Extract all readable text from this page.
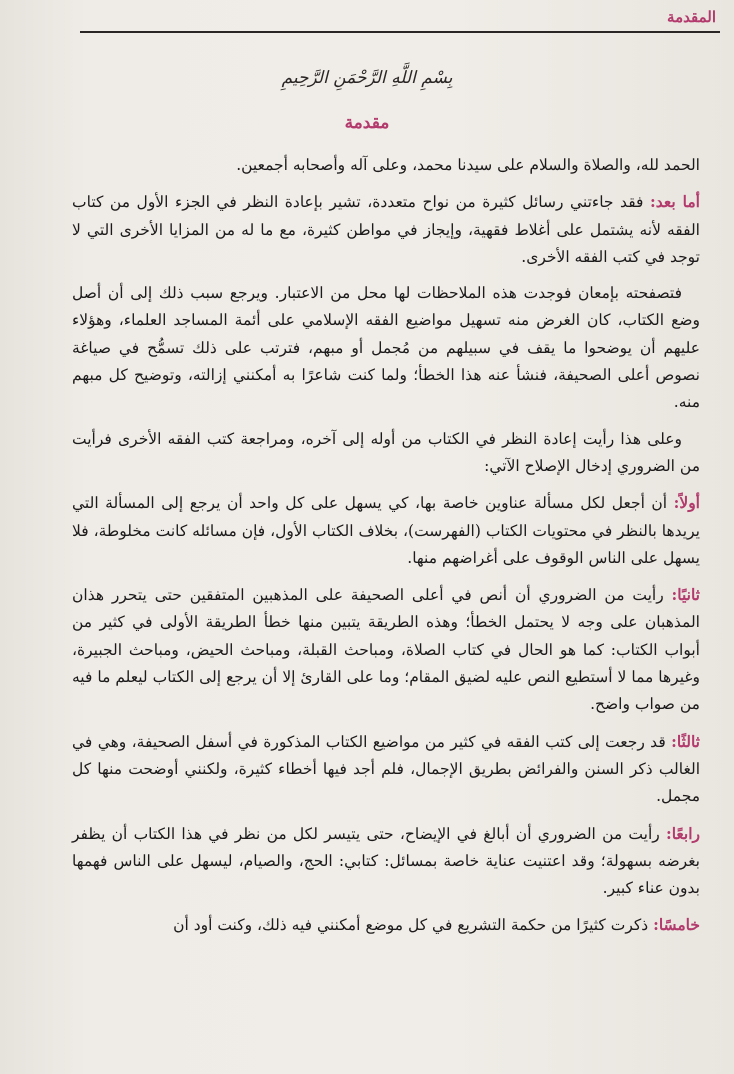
المقدمة
بِسْمِ اللَّهِ الرَّحْمَنِ الرَّحِيمِ
مقدمة

الحمد لله، والصلاة والسلام على سيدنا محمد، وعلى آله وأصحابه أجمعين.

أما بعد: فقد جاءتني رسائل كثيرة من نواح متعددة، تشير بإعادة النظر في الجزء الأول من كتاب الفقه لأنه يشتمل على أغلاط فقهية، وإيجاز في مواطن كثيرة، مع ما له من المزايا الأخرى التي لا توجد في كتب الفقه الأخرى.

فتصفحته بإمعان فوجدت هذه الملاحظات لها محل من الاعتبار. ويرجع سبب ذلك إلى أن أصل وضع الكتاب، كان الغرض منه تسهيل مواضيع الفقه الإسلامي على أئمة المساجد العلماء، وهؤلاء عليهم أن يوضحوا ما يقف في سبيلهم من مُجمل أو مبهم، فترتب على ذلك تسمُّح في صياغة نصوص أعلى الصحيفة، فنشأ عنه هذا الخطأ؛ ولما كنت شاعرًا به أمكنني إزالته، وتوضيح كل مبهم منه.

وعلى هذا رأيت إعادة النظر في الكتاب من أوله إلى آخره، ومراجعة كتب الفقه الأخرى فرأيت من الضروري إدخال الإصلاح الآتي:

أولاً: أن أجعل لكل مسألة عناوين خاصة بها، كي يسهل على كل واحد أن يرجع إلى المسألة التي يريدها بالنظر في محتويات الكتاب (الفهرست)، بخلاف الكتاب الأول، فإن مسائله كانت مخلوطة، فلا يسهل على الناس الوقوف على أغراضهم منها.

ثانيًا: رأيت من الضروري أن أنص في أعلى الصحيفة على المذهبين المتفقين حتى يتحرر هذان المذهبان على وجه لا يحتمل الخطأ؛ وهذه الطريقة يتبين منها خطأ الطريقة الأولى في كثير من أبواب الكتاب: كما هو الحال في كتاب الصلاة، ومباحث القبلة، ومباحث الحيض، ومباحث الجبيرة، وغيرها مما لا أستطيع النص عليه لضيق المقام؛ وما على القارئ إلا أن يرجع إلى الكتاب ليعلم ما فيه من صواب واضح.

ثالثًا: قد رجعت إلى كتب الفقه في كثير من مواضيع الكتاب المذكورة في أسفل الصحيفة، وهي في الغالب ذكر السنن والفرائض بطريق الإجمال، فلم أجد فيها أخطاء كثيرة، ولكنني أوضحت منها كل مجمل.

رابعًا: رأيت من الضروري أن أبالغ في الإيضاح، حتى يتيسر لكل من نظر في هذا الكتاب أن يظفر بغرضه بسهولة؛ وقد اعتنيت عناية خاصة بمسائل: كتابي: الحج، والصيام، ليسهل على الناس فهمها بدون عناء كبير.

خامسًا: ذكرت كثيرًا من حكمة التشريع في كل موضع أمكنني فيه ذلك، وكنت أود أن
